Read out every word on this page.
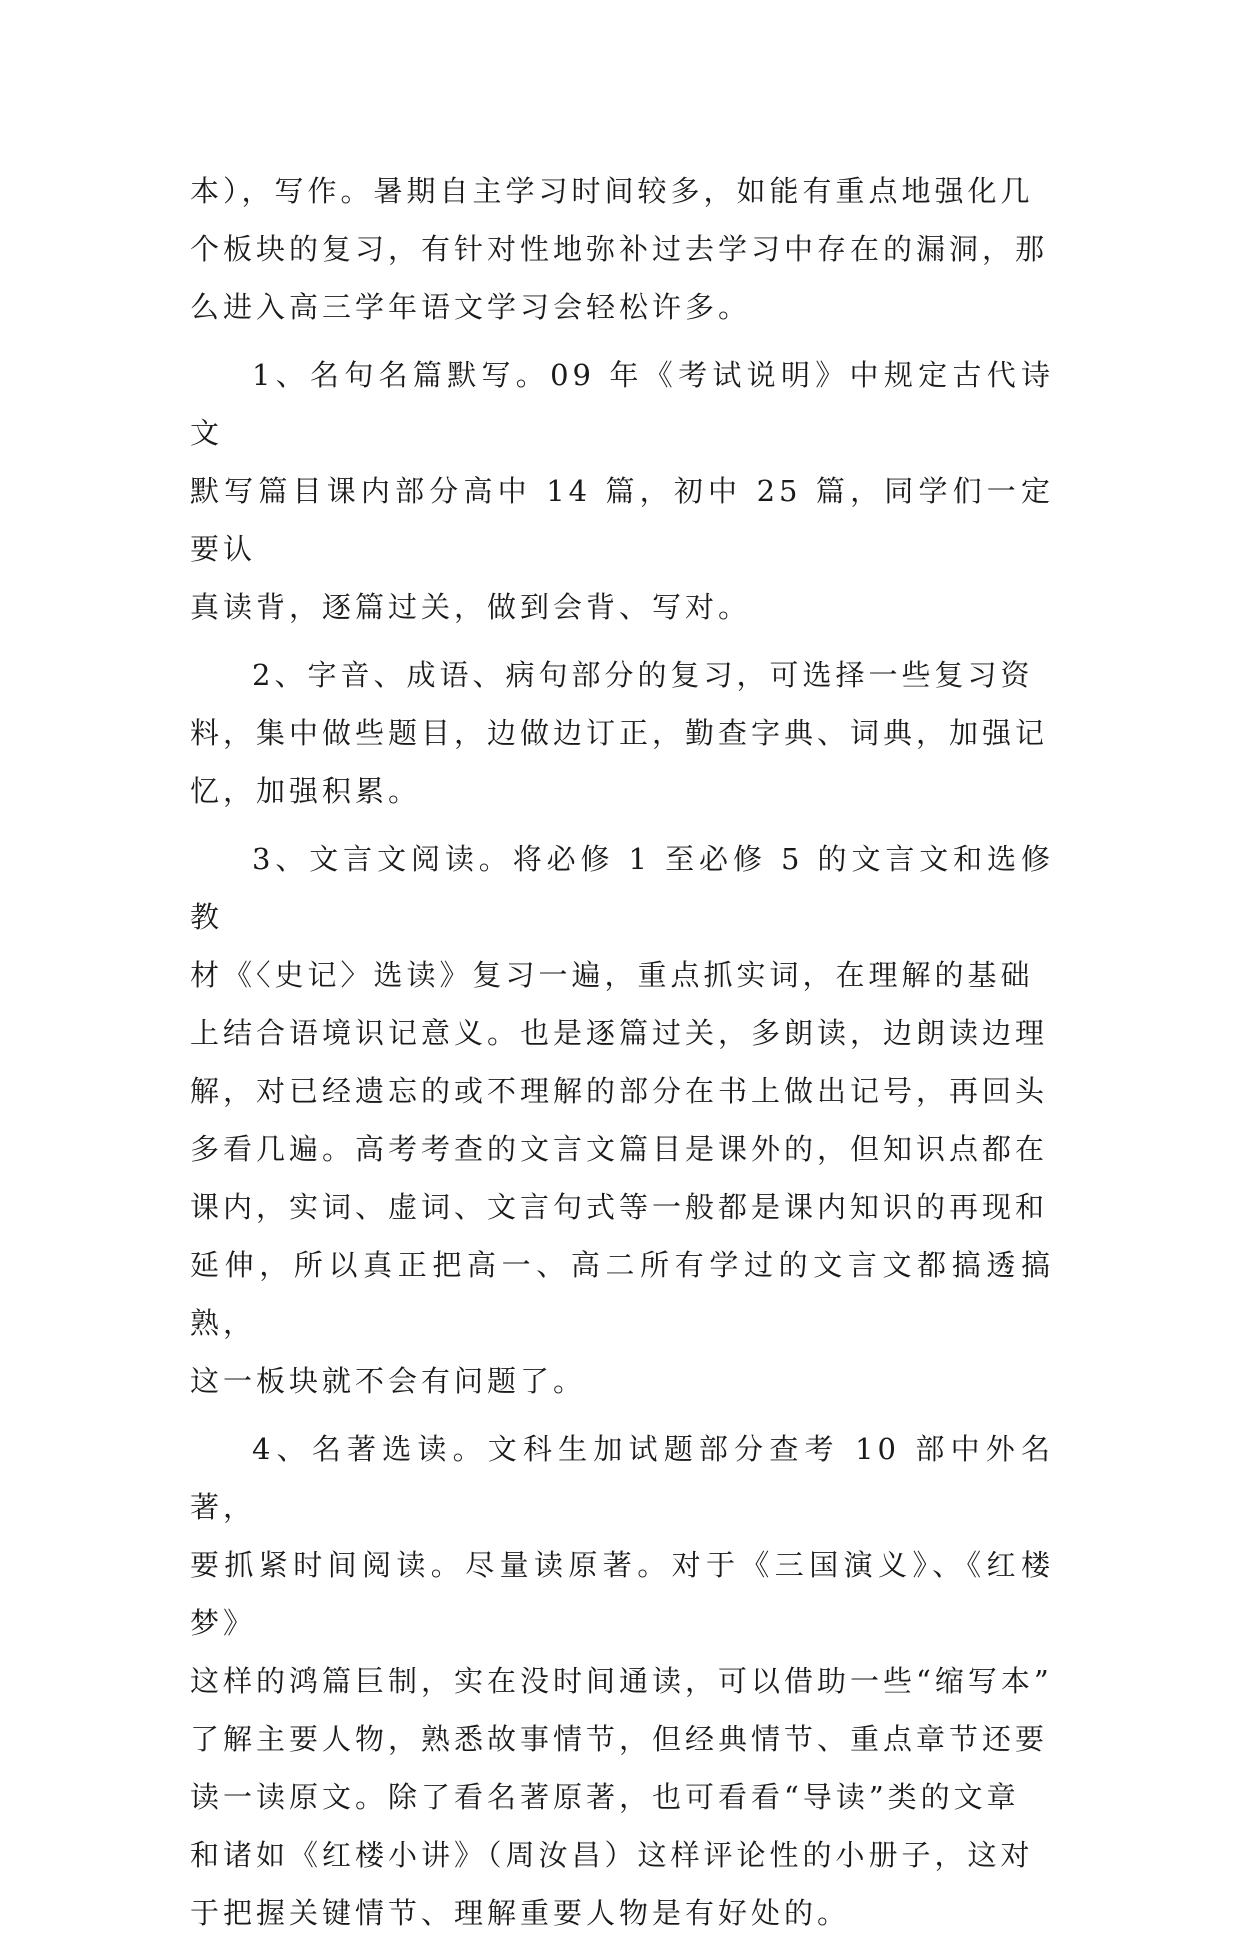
本），写作。暑期自主学习时间较多，如能有重点地强化几
个板块的复习，有针对性地弥补过去学习中存在的漏洞，那
么进入高三学年语文学习会轻松许多。

1、名句名篇默写。09 年《考试说明》中规定古代诗文
默写篇目课内部分高中 14 篇，初中 25 篇，同学们一定要认
真读背，逐篇过关，做到会背、写对。

2、字音、成语、病句部分的复习，可选择一些复习资
料，集中做些题目，边做边订正，勤查字典、词典，加强记
忆，加强积累。

3、文言文阅读。将必修 1 至必修 5 的文言文和选修教
材《〈史记〉选读》复习一遍，重点抓实词，在理解的基础
上结合语境识记意义。也是逐篇过关，多朗读，边朗读边理
解，对已经遗忘的或不理解的部分在书上做出记号，再回头
多看几遍。高考考查的文言文篇目是课外的，但知识点都在
课内，实词、虚词、文言句式等一般都是课内知识的再现和
延伸，所以真正把高一、高二所有学过的文言文都搞透搞熟，
这一板块就不会有问题了。

4、名著选读。文科生加试题部分查考 10 部中外名著，
要抓紧时间阅读。尽量读原著。对于《三国演义》、《红楼梦》
这样的鸿篇巨制，实在没时间通读，可以借助一些“缩写本”
了解主要人物，熟悉故事情节，但经典情节、重点章节还要
读一读原文。除了看名著原著，也可看看“导读”类的文章
和诸如《红楼小讲》（周汝昌）这样评论性的小册子，这对
于把握关键情节、理解重要人物是有好处的。
